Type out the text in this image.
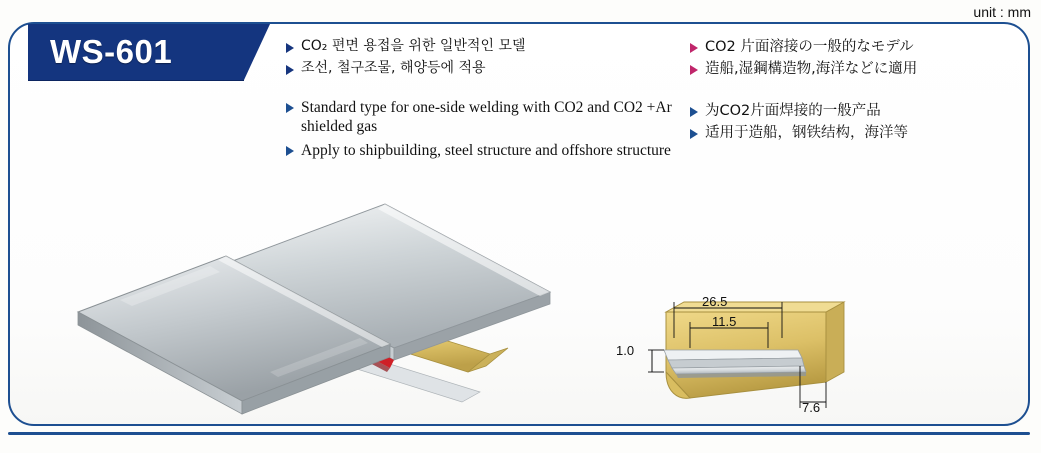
unit : mm
WS-601	CO₂ 편면 용접을 위한 일반적인 모델
조선, 철구조물, 해양등에 적용
Standard type for one-side welding with CO2 and CO2 +Ar shielded gas
Apply to shipbuilding, steel structure and offshore structure
CO2 片面溶接の一般的なモデル
造船,湿鋼構造物,海洋などに適用
为CO2片面焊接的一般产品
适用于造船，钢铁结构，海洋等
1.0
26.5
11.5
7.6
